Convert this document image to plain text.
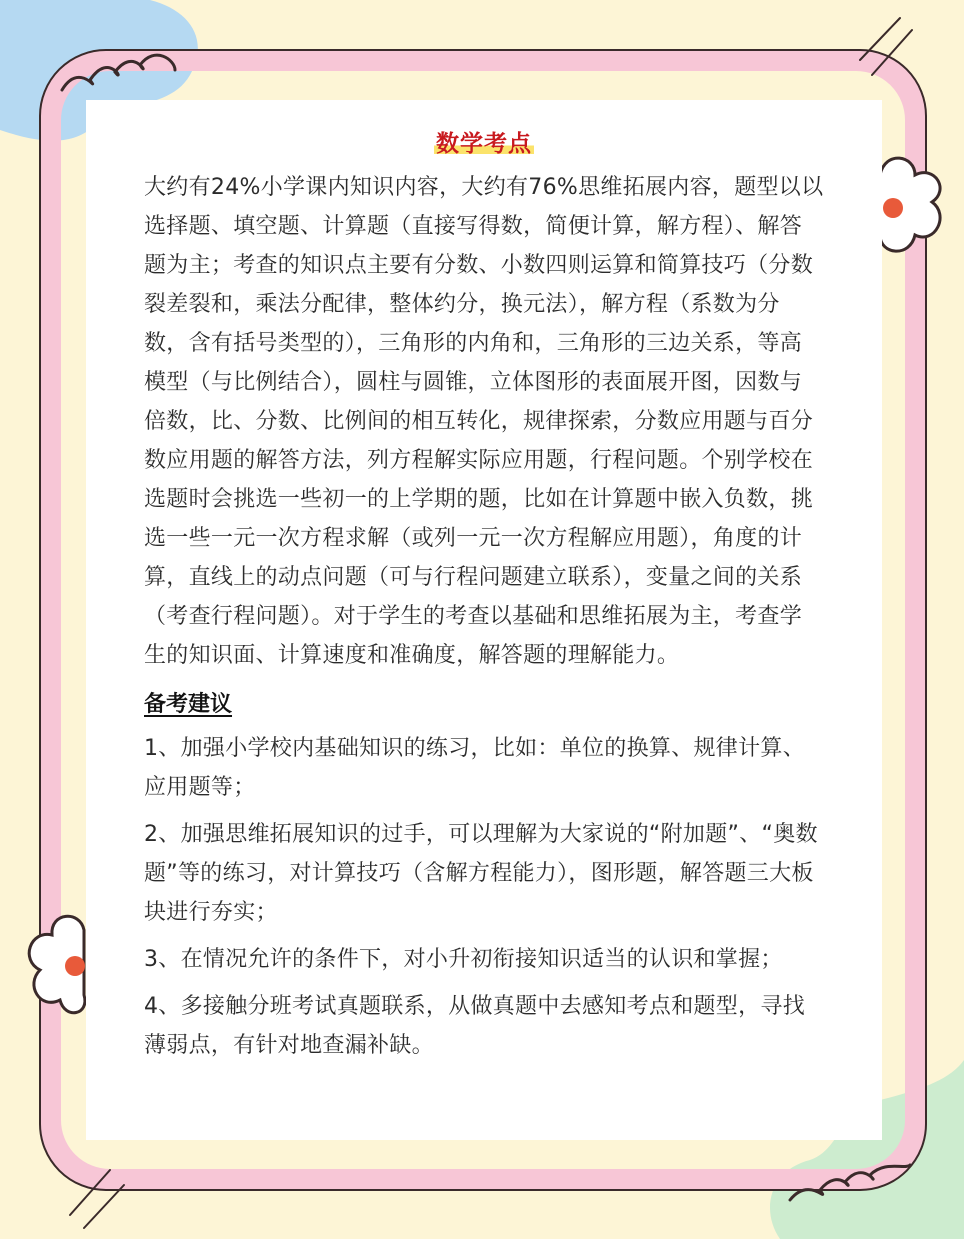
数学考点

大约有24%小学课内知识内容，大约有76%思维拓展内容，题型以以选择题、填空题、计算题（直接写得数，简便计算，解方程）、解答题为主；考查的知识点主要有分数、小数四则运算和简算技巧（分数裂差裂和，乘法分配律，整体约分，换元法），解方程（系数为分数，含有括号类型的），三角形的内角和，三角形的三边关系，等高模型（与比例结合），圆柱与圆锥，立体图形的表面展开图，因数与倍数，比、分数、比例间的相互转化，规律探索，分数应用题与百分数应用题的解答方法，列方程解实际应用题，行程问题。个别学校在选题时会挑选一些初一的上学期的题，比如在计算题中嵌入负数，挑选一些一元一次方程求解（或列一元一次方程解应用题），角度的计算，直线上的动点问题（可与行程问题建立联系），变量之间的关系（考查行程问题）。对于学生的考查以基础和思维拓展为主，考查学生的知识面、计算速度和准确度，解答题的理解能力。

备考建议

1、加强小学校内基础知识的练习，比如：单位的换算、规律计算、应用题等；

2、加强思维拓展知识的过手，可以理解为大家说的“附加题”、“奥数题”等的练习，对计算技巧（含解方程能力），图形题，解答题三大板块进行夯实；

3、在情况允许的条件下，对小升初衔接知识适当的认识和掌握；

4、多接触分班考试真题联系，从做真题中去感知考点和题型，寻找薄弱点，有针对地查漏补缺。
